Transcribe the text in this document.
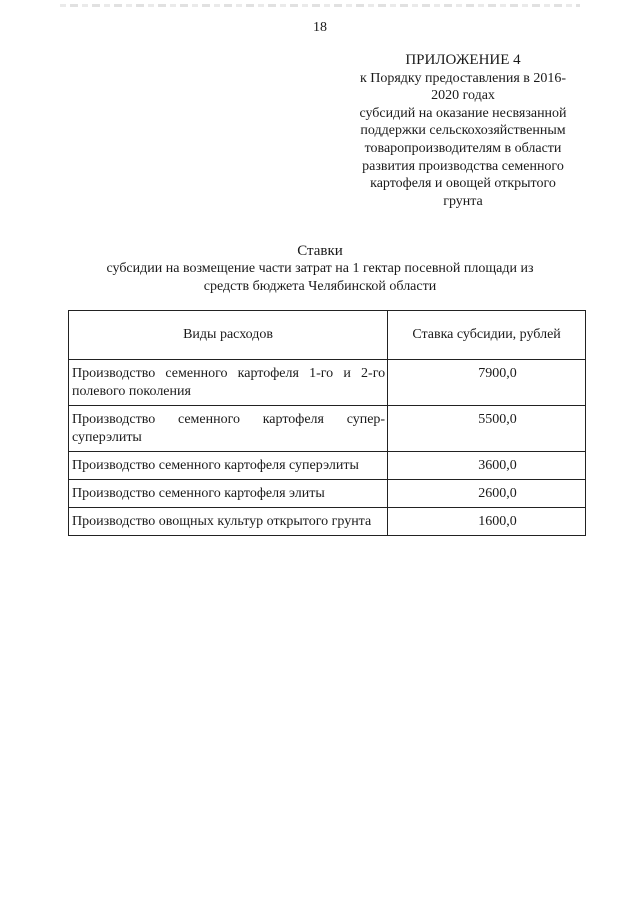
18
ПРИЛОЖЕНИЕ 4
к Порядку предоставления в 2016-
2020 годах
субсидий на оказание несвязанной
поддержки сельскохозяйственным
товаропроизводителям в области
развития производства семенного
картофеля и овощей открытого
грунта
Ставки
субсидии на возмещение части затрат на 1 гектар посевной площади из
средств бюджета Челябинской области
Виды расходов	Ставка субсидии, рублей
Производство семенного картофеля 1-го и 2-го полевого поколения	7900,0
Производство семенного картофеля супер-суперэлиты	5500,0
Производство семенного картофеля суперэлиты	3600,0
Производство семенного картофеля элиты	2600,0
Производство овощных культур открытого грунта	1600,0
